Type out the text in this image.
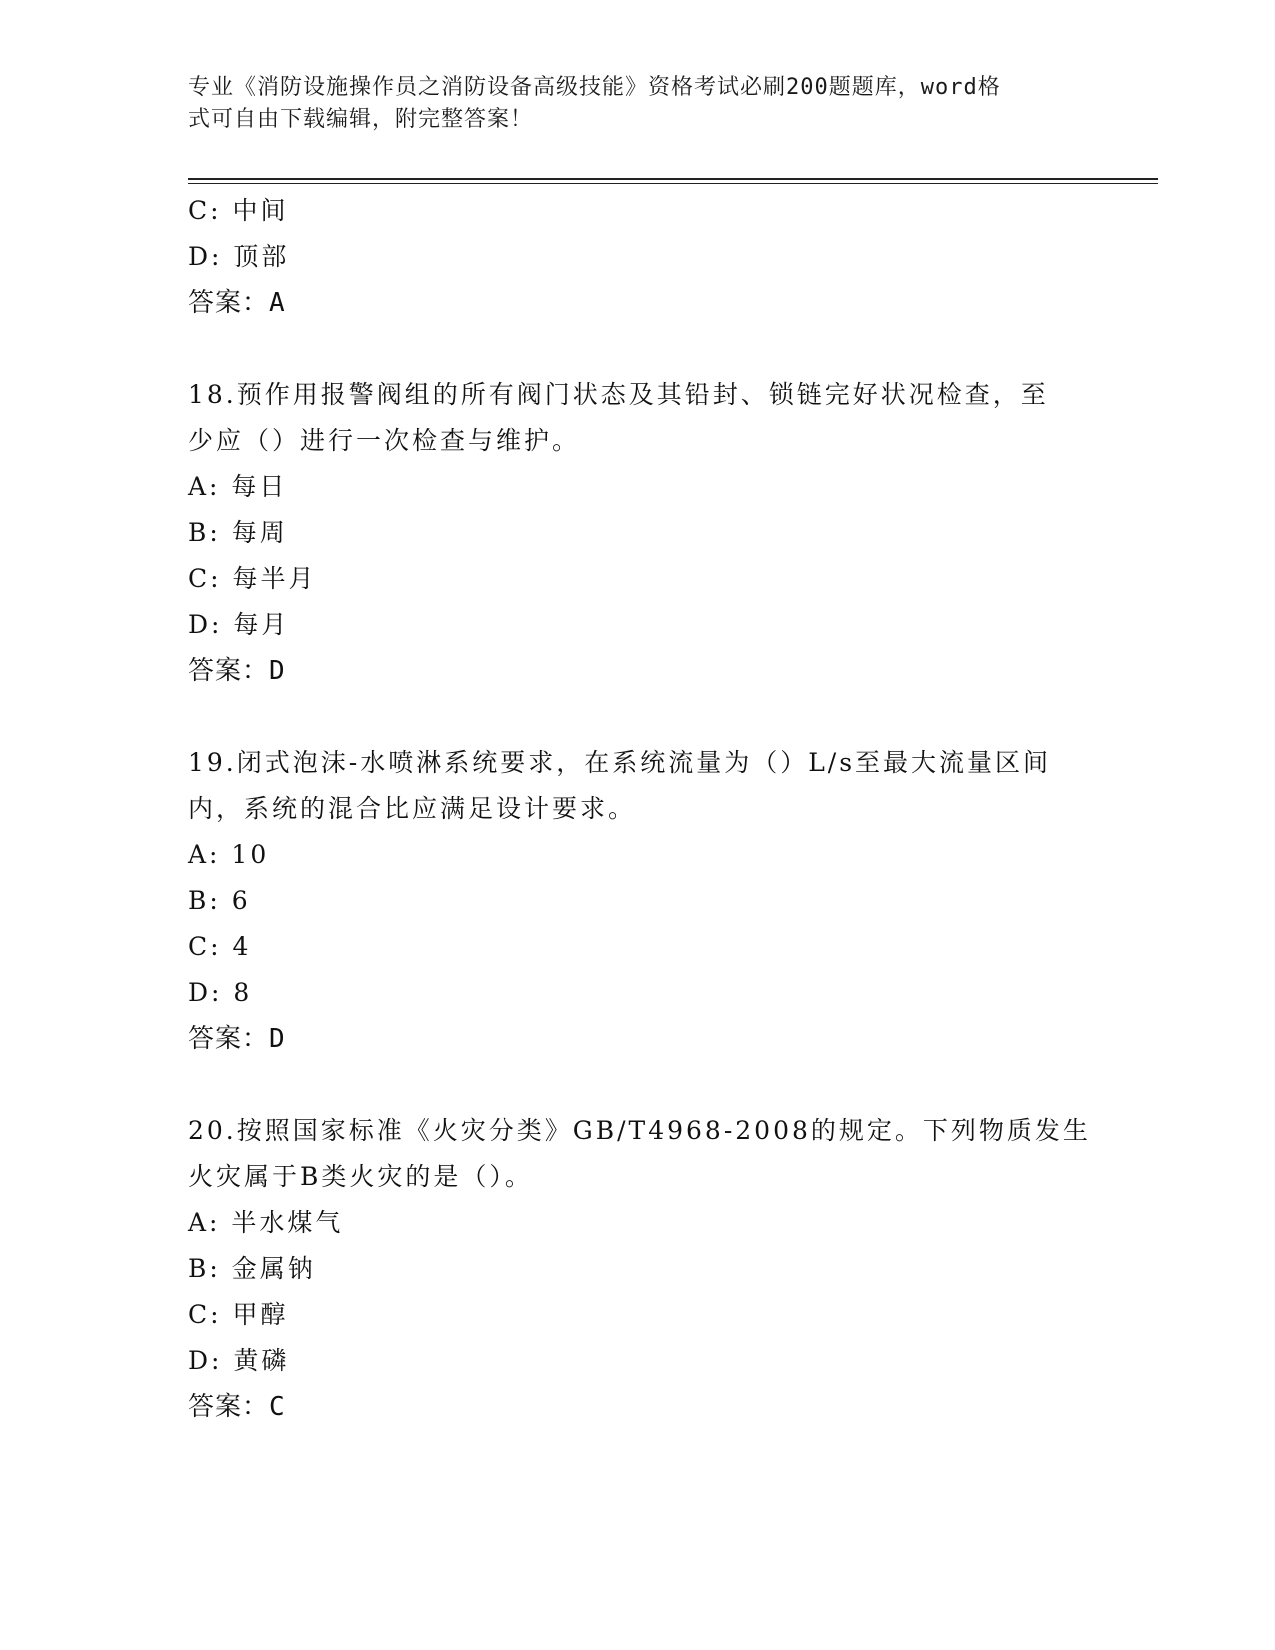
专业《消防设施操作员之消防设备高级技能》资格考试必刷200题题库，word格
式可自由下载编辑，附完整答案！
C: 中间
D: 顶部
答案：A
18.预作用报警阀组的所有阀门状态及其铅封、锁链完好状况检查，至
少应（）进行一次检查与维护。
A: 每日
B: 每周
C: 每半月
D: 每月
答案：D
19.闭式泡沫-水喷淋系统要求，在系统流量为（）L/s至最大流量区间
内，系统的混合比应满足设计要求。
A: 10
B: 6
C: 4
D: 8
答案：D
20.按照国家标准《火灾分类》GB/T4968-2008的规定。下列物质发生
火灾属于B类火灾的是（）。
A: 半水煤气
B: 金属钠
C: 甲醇
D: 黄磷
答案：C
